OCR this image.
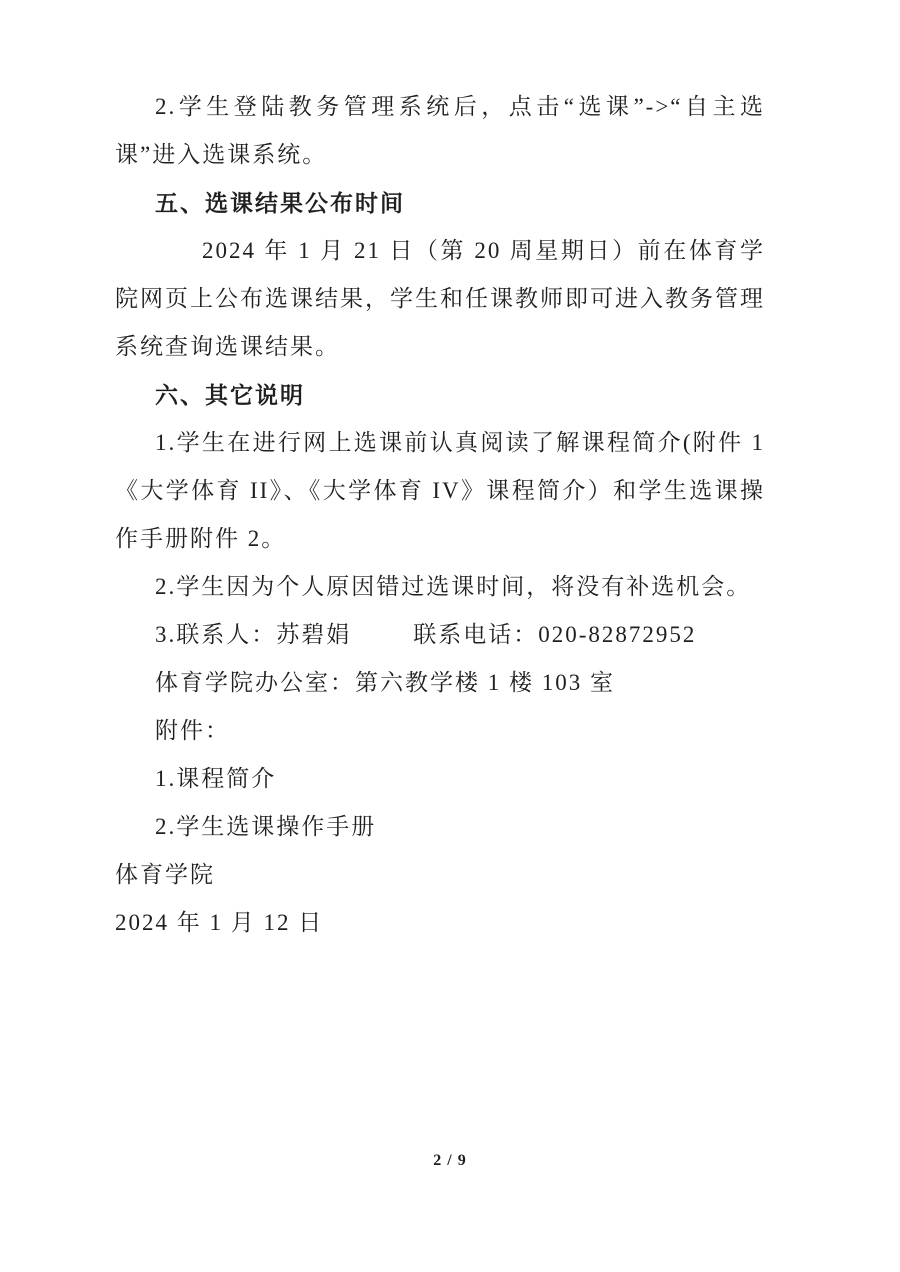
2.学生登陆教务管理系统后，点击“选课”->“自主选课”进入选课系统。

五、选课结果公布时间

2024 年 1 月 21 日（第 20 周星期日）前在体育学院网页上公布选课结果，学生和任课教师即可进入教务管理系统查询选课结果。

六、其它说明

1.学生在进行网上选课前认真阅读了解课程简介(附件 1《大学体育 II》、《大学体育 IV》课程简介）和学生选课操作手册附件 2。

2.学生因为个人原因错过选课时间，将没有补选机会。

3.联系人：苏碧娟        联系电话：020-82872952

体育学院办公室：第六教学楼 1 楼 103 室

附件：

1.课程简介

2.学生选课操作手册

体育学院

2024 年 1 月 12 日

2 / 9
